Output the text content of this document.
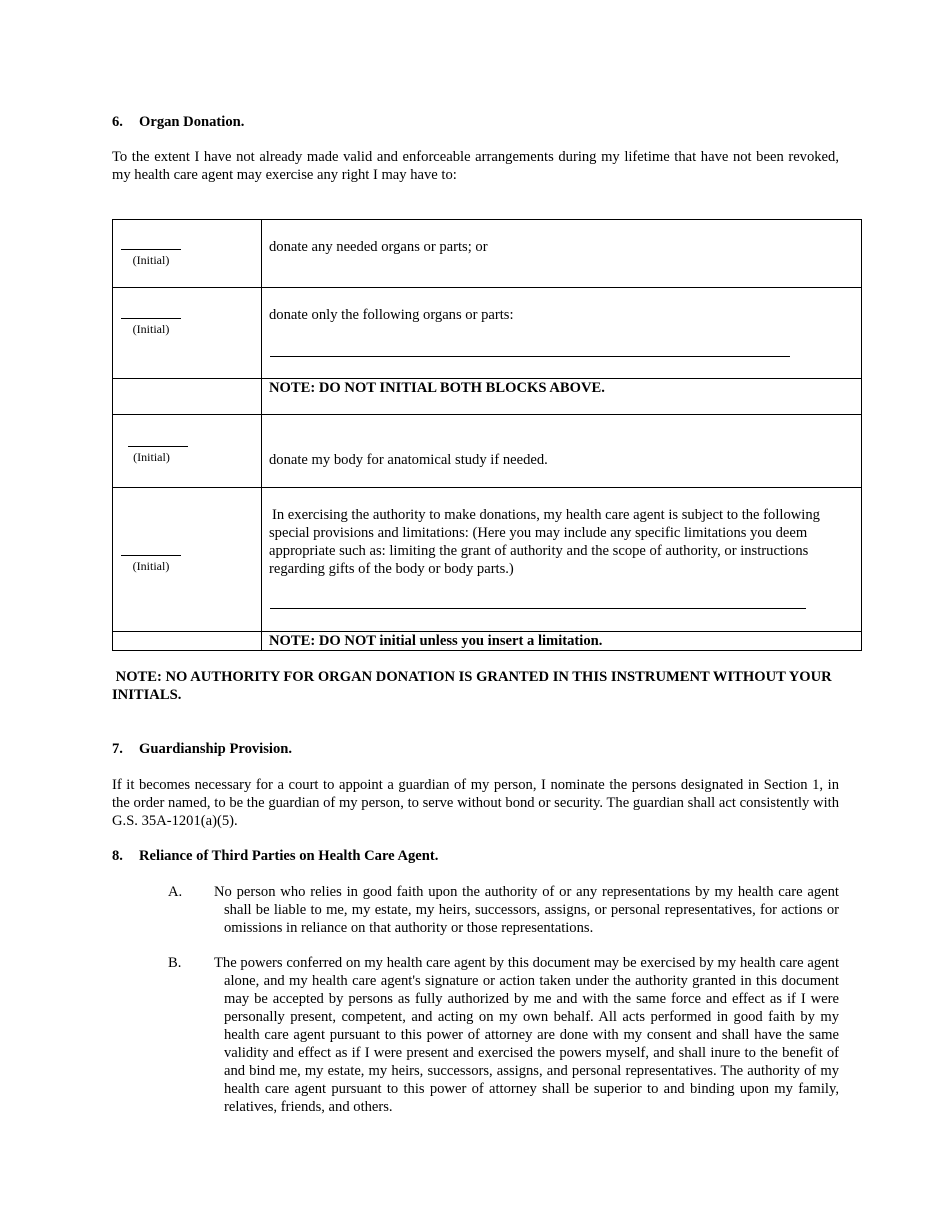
6. Organ Donation.
To the extent I have not already made valid and enforceable arrangements during my lifetime that have not been revoked, my health care agent may exercise any right I may have to:
(Initial)	donate any needed organs or parts; or

(Initial)	donate only the following organs or parts:

	NOTE: DO NOT INITIAL BOTH BLOCKS ABOVE.

(Initial)	donate my body for anatomical study if needed.

(Initial)	In exercising the authority to make donations, my health care agent is subject to the following special provisions and limitations: (Here you may include any specific limitations you deem appropriate such as: limiting the grant of authority and the scope of authority, or instructions regarding gifts of the body or body parts.)

	NOTE: DO NOT initial unless you insert a limitation.
NOTE: NO AUTHORITY FOR ORGAN DONATION IS GRANTED IN THIS INSTRUMENT WITHOUT YOUR INITIALS.
7. Guardianship Provision.
If it becomes necessary for a court to appoint a guardian of my person, I nominate the persons designated in Section 1, in the order named, to be the guardian of my person, to serve without bond or security. The guardian shall act consistently with G.S. 35A-1201(a)(5).
8. Reliance of Third Parties on Health Care Agent.
A.	No person who relies in good faith upon the authority of or any representations by my health care agent shall be liable to me, my estate, my heirs, successors, assigns, or personal representatives, for actions or omissions in reliance on that authority or those representations.
B.	The powers conferred on my health care agent by this document may be exercised by my health care agent alone, and my health care agent's signature or action taken under the authority granted in this document may be accepted by persons as fully authorized by me and with the same force and effect as if I were personally present, competent, and acting on my own behalf. All acts performed in good faith by my health care agent pursuant to this power of attorney are done with my consent and shall have the same validity and effect as if I were present and exercised the powers myself, and shall inure to the benefit of and bind me, my estate, my heirs, successors, assigns, and personal representatives. The authority of my health care agent pursuant to this power of attorney shall be superior to and binding upon my family, relatives, friends, and others.
